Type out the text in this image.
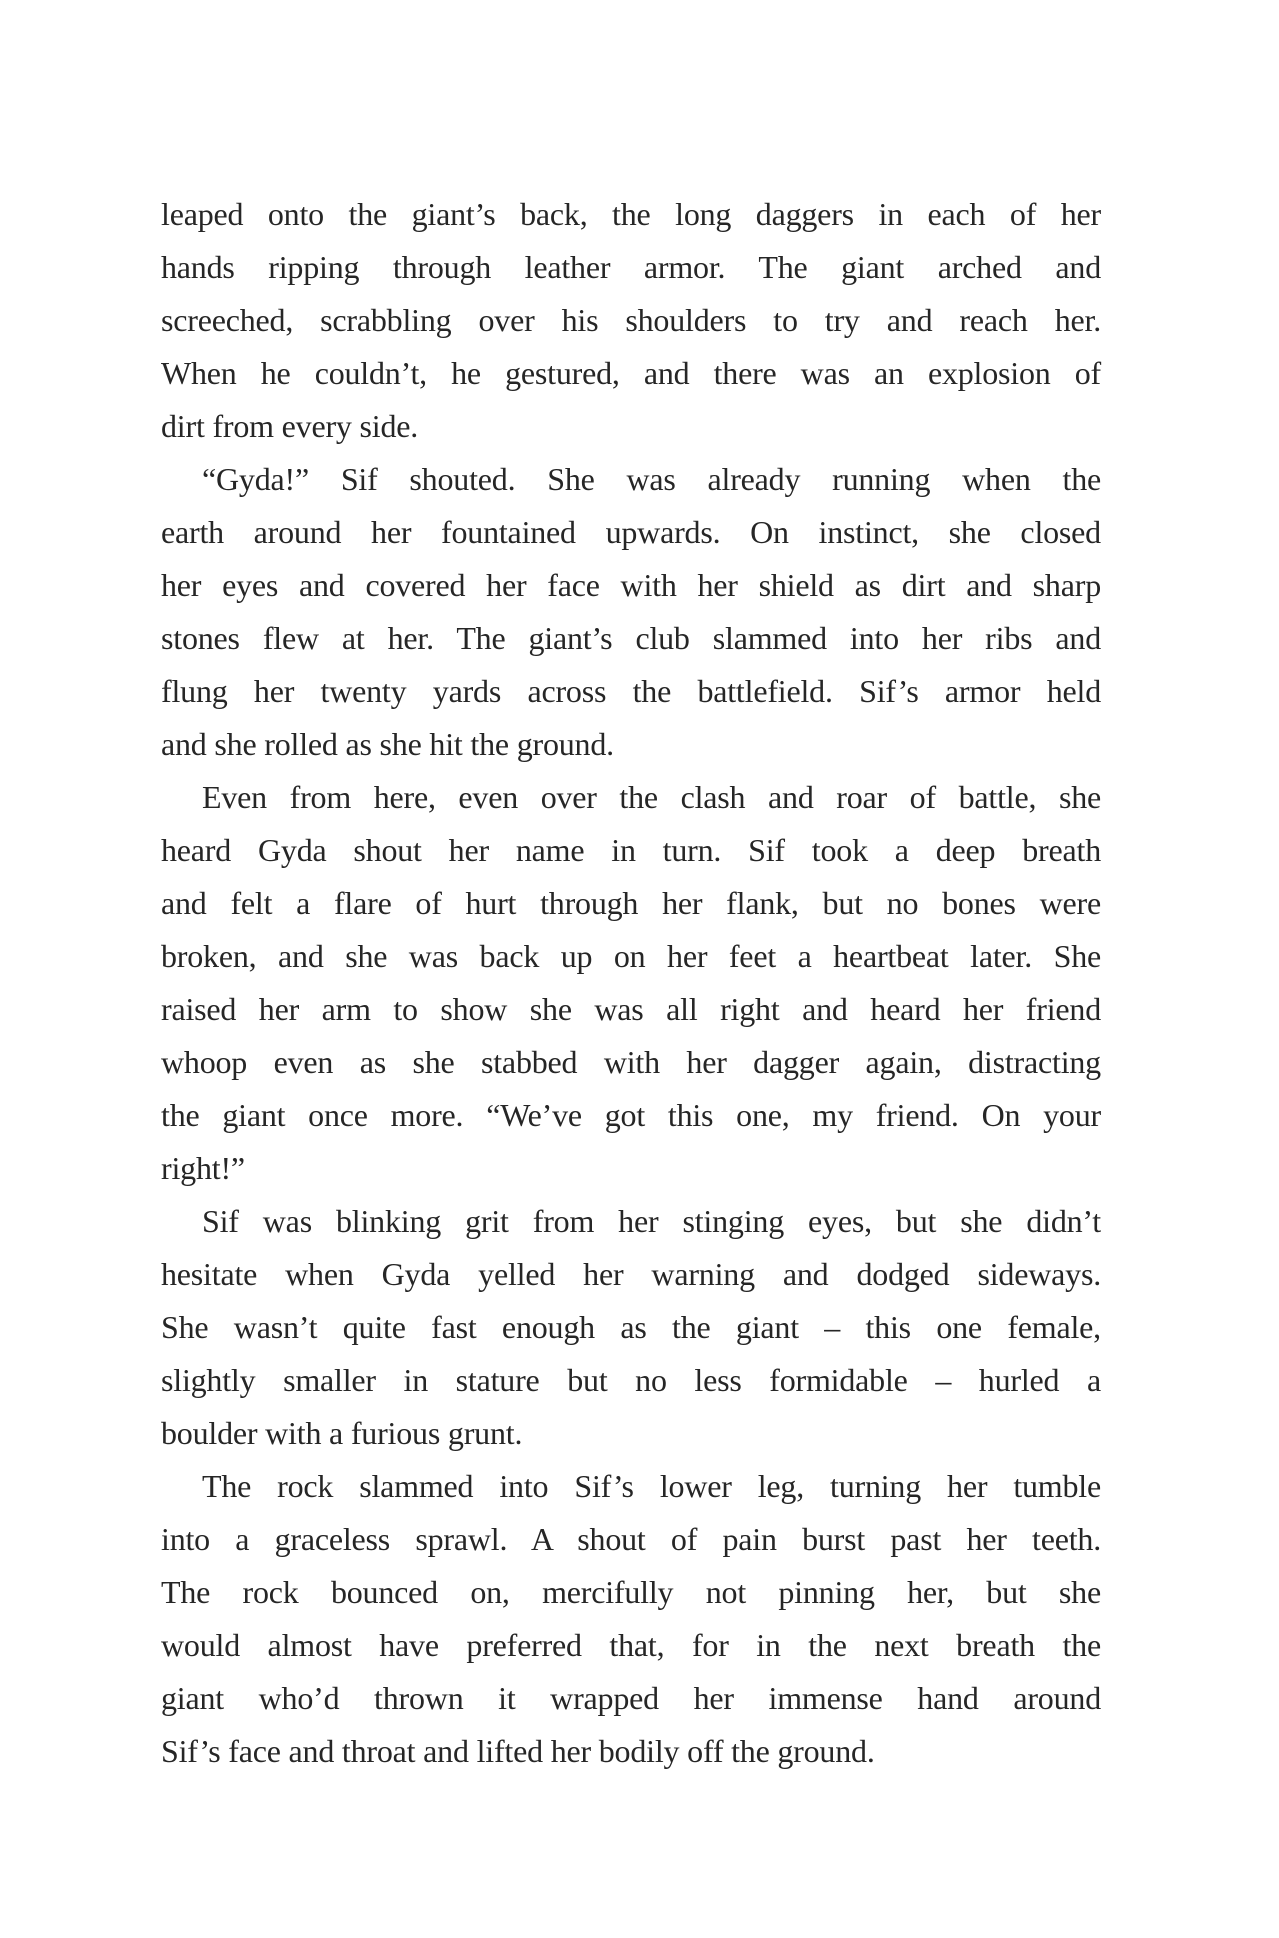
leaped onto the giant’s back, the long daggers in each of her
hands ripping through leather armor. The giant arched and
screeched, scrabbling over his shoulders to try and reach her.
When he couldn’t, he gestured, and there was an explosion of
dirt from every side.
“Gyda!” Sif shouted. She was already running when the
earth around her fountained upwards. On instinct, she closed
her eyes and covered her face with her shield as dirt and sharp
stones flew at her. The giant’s club slammed into her ribs and
flung her twenty yards across the battlefield. Sif’s armor held
and she rolled as she hit the ground.
Even from here, even over the clash and roar of battle, she
heard Gyda shout her name in turn. Sif took a deep breath
and felt a flare of hurt through her flank, but no bones were
broken, and she was back up on her feet a heartbeat later. She
raised her arm to show she was all right and heard her friend
whoop even as she stabbed with her dagger again, distracting
the giant once more. “We’ve got this one, my friend. On your
right!”
Sif was blinking grit from her stinging eyes, but she didn’t
hesitate when Gyda yelled her warning and dodged sideways.
She wasn’t quite fast enough as the giant – this one female,
slightly smaller in stature but no less formidable – hurled a
boulder with a furious grunt.
The rock slammed into Sif’s lower leg, turning her tumble
into a graceless sprawl. A shout of pain burst past her teeth.
The rock bounced on, mercifully not pinning her, but she
would almost have preferred that, for in the next breath the
giant who’d thrown it wrapped her immense hand around
Sif’s face and throat and lifted her bodily off the ground.
